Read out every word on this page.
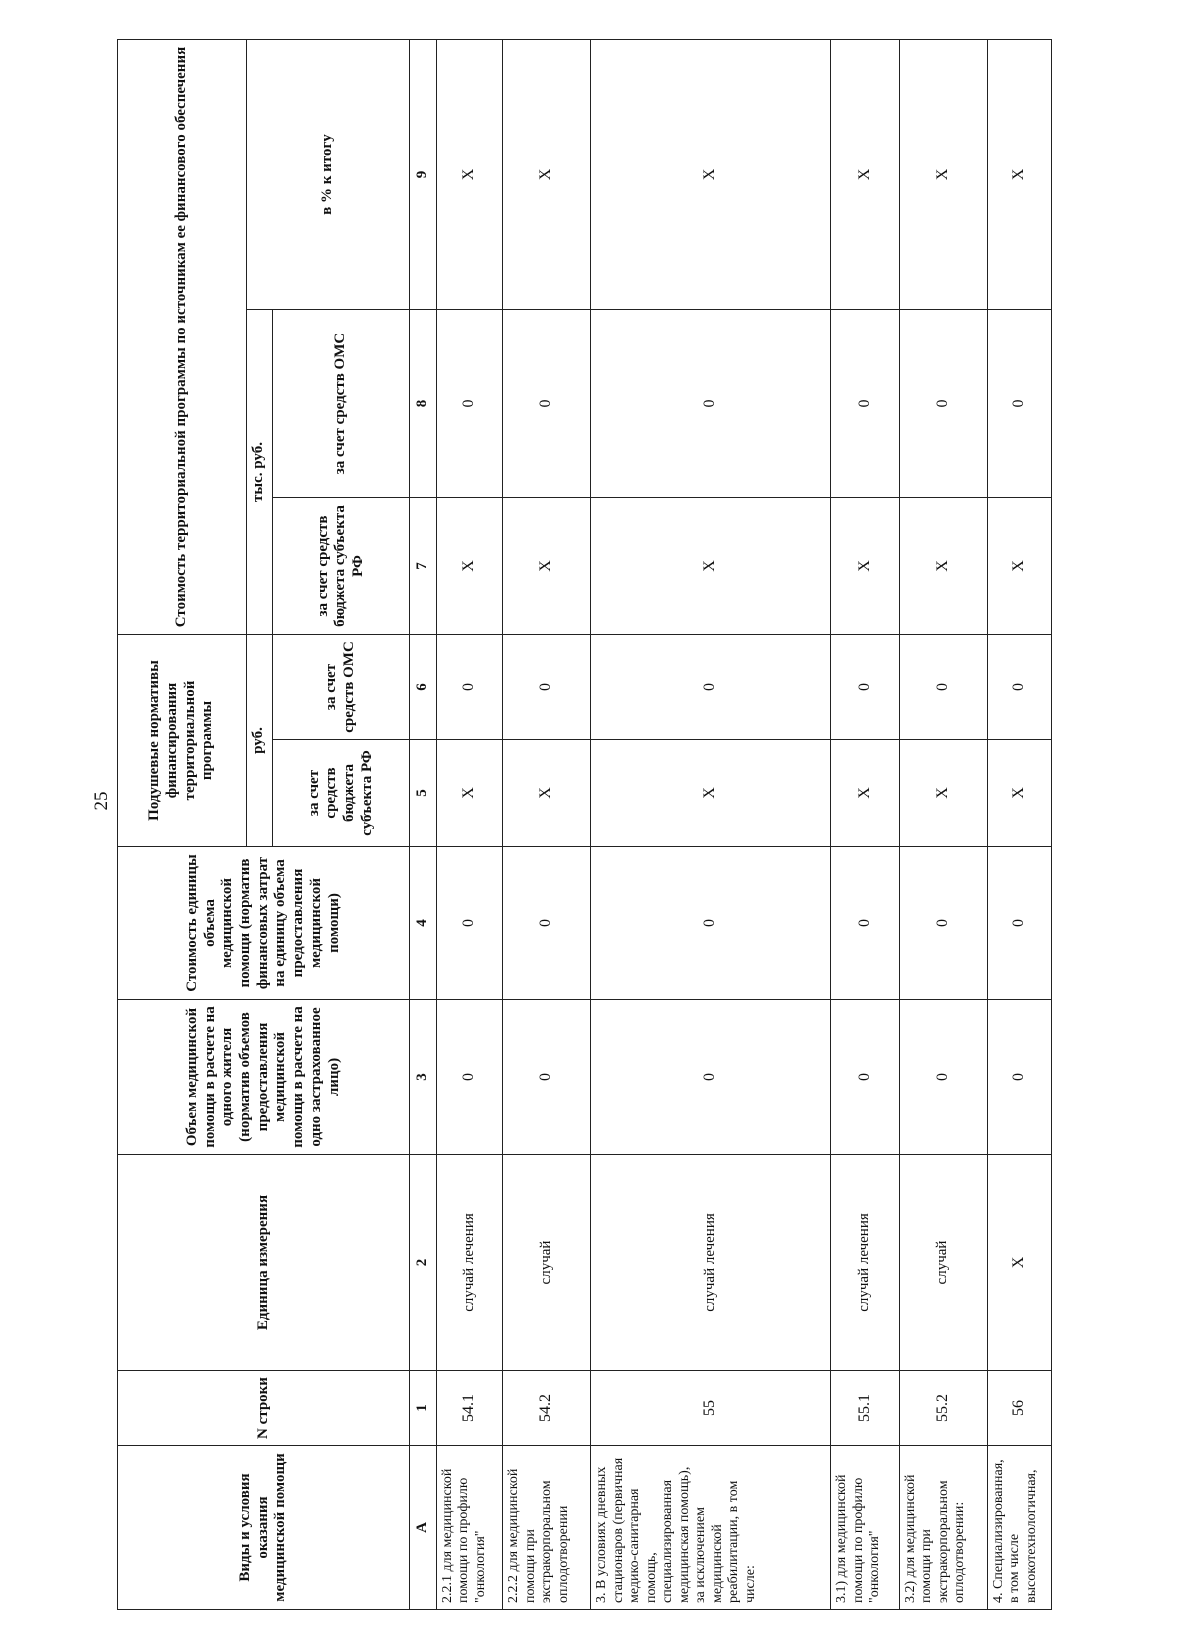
25
Виды и условия оказания медицинской помощи	N строки	Единица измерения	Объем медицинской помощи в расчете на одного жителя (норматив объемов предоставления медицинской помощи в расчете на одно застрахованное лицо)	Стоимость единицы объема медицинской помощи (норматив финансовых затрат на единицу объема предоставления медицинской помощи)	Подушевые нормативы финансирования территориальной программы		Стоимость территориальной программы по источникам ее финансового обеспечения		
					руб.		тыс. руб.		в % к итогу
					за счет средств бюджета субъекта РФ	за счет средств ОМС	за счет средств бюджета субъекта РФ	за счет средств ОМС	
А	1	2	3	4	5	6	7	8	9
2.2.1 для медицинской помощи по профилю "онкология"	54.1	случай лечения	0	0	Х	0	Х	0	Х
2.2.2 для медицинской помощи при экстракорпоральном оплодотворении	54.2	случай	0	0	Х	0	Х	0	Х
3. В условиях дневных стационаров (первичная медико-санитарная помощь, специализированная медицинская помощь), за исключением медицинской реабилитации, в том числе:	55	случай лечения	0	0	Х	0	Х	0	Х
3.1) для медицинской помощи по профилю "онкология"	55.1	случай лечения	0	0	Х	0	Х	0	Х
3.2) для медицинской помощи при экстракорпоральном оплодотворении:	55.2	случай	0	0	Х	0	Х	0	Х
4. Специализированная, в том числе высокотехнологичная,	56	Х	0	0	Х	0	Х	0	Х
